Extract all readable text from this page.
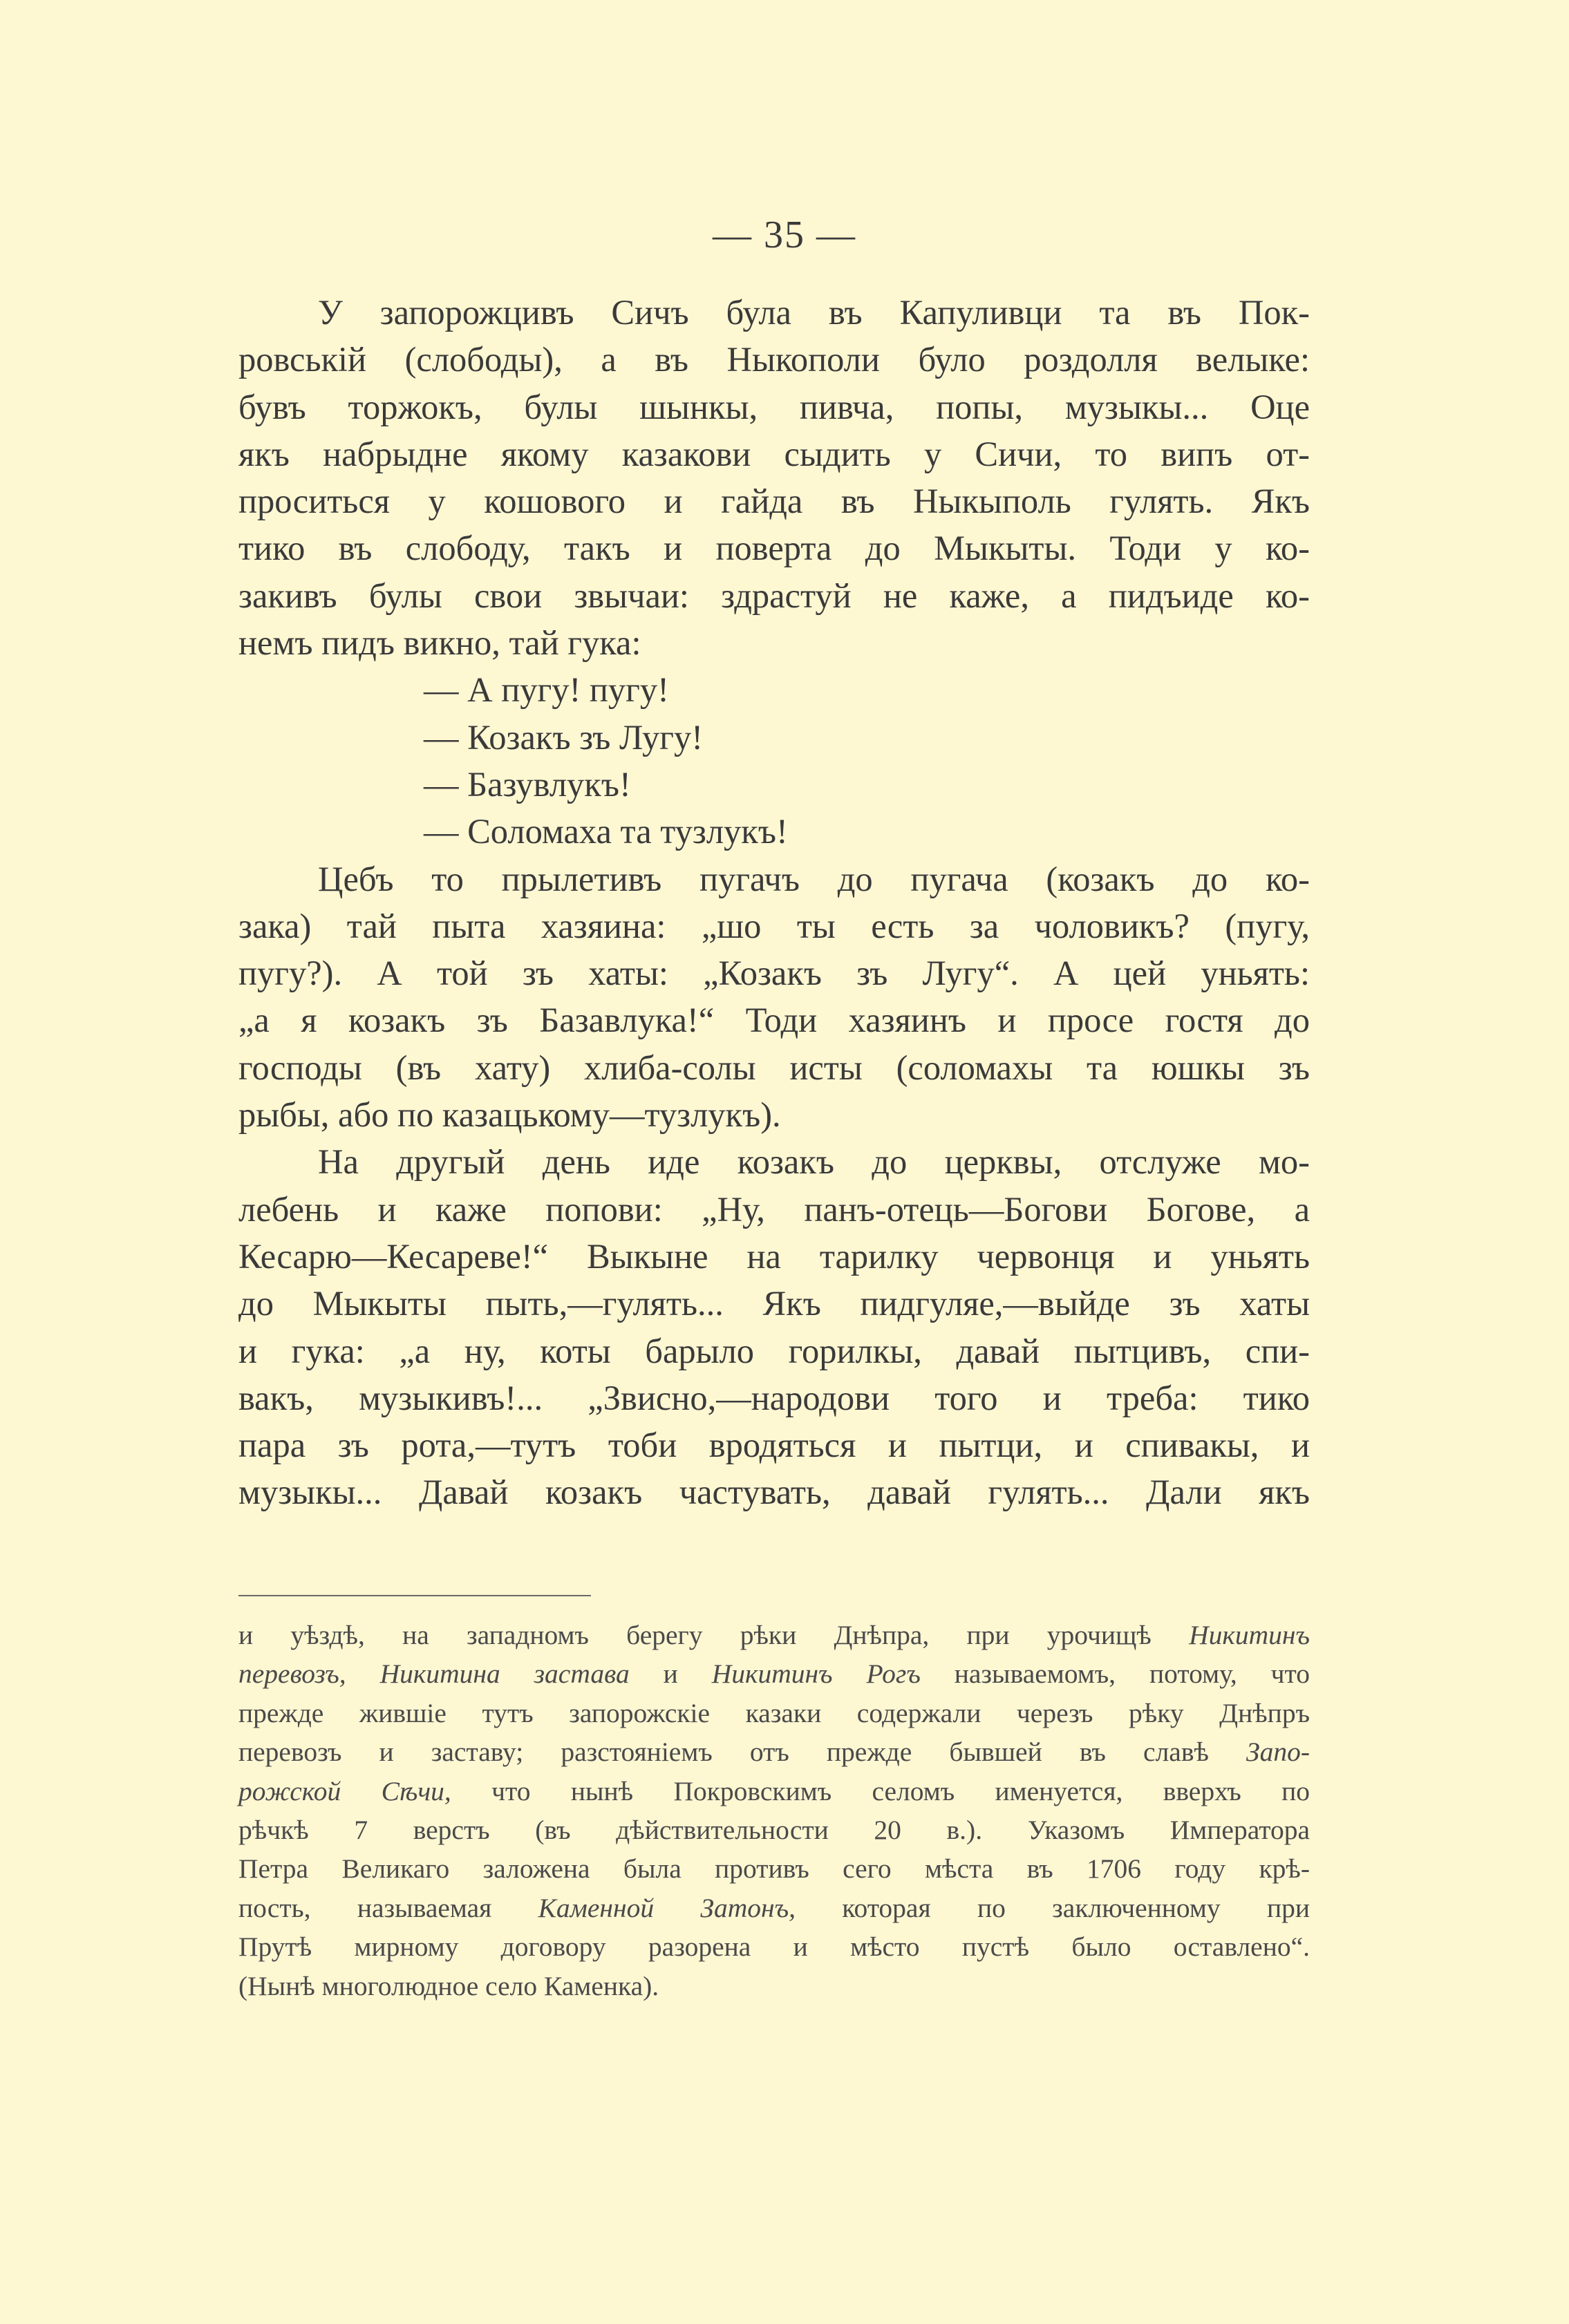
— 35 —
У запорожцивъ Сичъ була въ Капуливци та въ Пок-
ровській (слободы), а въ Ныкополи було роздолля велыке:
бувъ торжокъ, булы шынкы, пивча, попы, музыкы... Оце
якъ набрыдне якому казакови сыдить у Сичи, то випъ от-
проситься у кошового и гайда въ Ныкыполь гулять. Якъ
тико въ слободу, такъ и поверта до Мыкыты. Тоди у ко-
закивъ булы свои звычаи: здрастуй не каже, а пидъиде ко-
немъ пидъ викно, тай гука:
— А пугу! пугу!
— Козакъ зъ Лугу!
— Базувлукъ!
— Соломаха та тузлукъ!
Цебъ то прылетивъ пугачъ до пугача (козакъ до ко-
зака) тай пыта хазяина: „шо ты есть за чоловикъ? (пугу,
пугу?). А той зъ хаты: „Козакъ зъ Лугу“. А цей уньять:
„а я козакъ зъ Базавлука!“ Тоди хазяинъ и просе гостя до
господы (въ хату) хлиба-солы исты (соломахы та юшкы зъ
рыбы, або по казацькому—тузлукъ).
На другый день иде козакъ до церквы, отслуже мо-
лебень и каже попови: „Ну, панъ-отець—Богови Богове, а
Кесарю—Кесареве!“ Выкыне на тарилку червонця и уньять
до Мыкыты пыть,—гулять... Якъ пидгуляе,—выйде зъ хаты
и гука: „а ну, коты барыло горилкы, давай пытцивъ, спи-
вакъ, музыкивъ!... „Звисно,—народови того и треба: тико
пара зъ рота,—тутъ тоби вродяться и пытци, и спивакы, и
музыкы... Давай козакъ частувать, давай гулять... Дали якъ
и уѣздѣ, на западномъ берегу рѣки Днѣпра, при урочищѣ Никитинъ
перевозъ, Никитина застава и Никитинъ Рогъ называемомъ, потому, что
прежде жившіе тутъ запорожскіе казаки содержали черезъ рѣку Днѣпръ
перевозъ и заставу; разстояніемъ отъ прежде бывшей въ славѣ Запо-
рожской Сѣчи, что нынѣ Покровскимъ селомъ именуется, вверхъ по
рѣчкѣ 7 верстъ (въ дѣйствительности 20 в.). Указомъ Императора
Петра Великаго заложена была противъ сего мѣста въ 1706 году крѣ-
пость, называемая Каменной Затонъ, которая по заключенному при
Прутѣ мирному договору разорена и мѣсто пустѣ было оставлено“.
(Нынѣ многолюдное село Каменка).
